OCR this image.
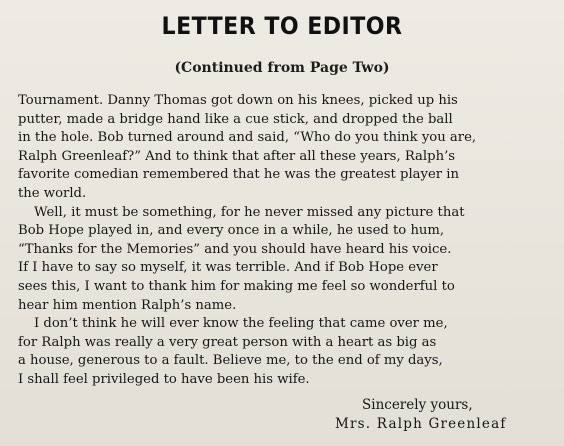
LETTER TO EDITOR
(Continued from Page Two)
Tournament. Danny Thomas got down on his knees, picked up his
putter, made a bridge hand like a cue stick, and dropped the ball
in the hole. Bob turned around and said, “Who do you think you are,
Ralph Greenleaf?” And to think that after all these years, Ralph’s
favorite comedian remembered that he was the greatest player in
the world.
Well, it must be something, for he never missed any picture that
Bob Hope played in, and every once in a while, he used to hum,
“Thanks for the Memories” and you should have heard his voice.
If I have to say so myself, it was terrible. And if Bob Hope ever
sees this, I want to thank him for making me feel so wonderful to
hear him mention Ralph’s name.
I don’t think he will ever know the feeling that came over me,
for Ralph was really a very great person with a heart as big as
a house, generous to a fault. Believe me, to the end of my days,
I shall feel privileged to have been his wife.
Sincerely yours,
Mrs. Ralph Greenleaf
